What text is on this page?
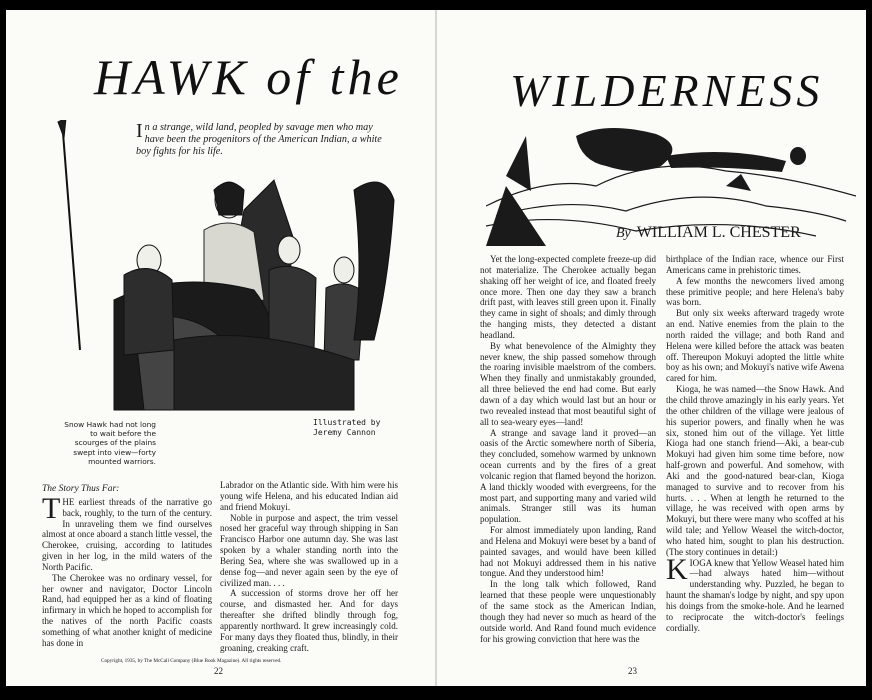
HAWK of the
In a strange, wild land, peopled by savage men who may have been the progenitors of the American Indian, a white boy fights for his life.
Snow Hawk had not long to wait before the scourges of the plains swept into view—forty mounted warriors.
Illustrated by Jeremy Cannon
The Story Thus Far:

THE earliest threads of the narrative go back, roughly, to the turn of the century. In unraveling them we find ourselves almost at once aboard a stanch little vessel, the Cherokee, cruising, according to latitudes given in her log, in the mild waters of the North Pacific.

The Cherokee was no ordinary vessel, for her owner and navigator, Doctor Lincoln Rand, had equipped her as a kind of floating infirmary in which he hoped to accomplish for the natives of the north Pacific coasts something of what another knight of medicine has done in

Labrador on the Atlantic side. With him were his young wife Helena, and his educated Indian aid and friend Mokuyi.

Noble in purpose and aspect, the trim vessel nosed her graceful way through shipping in San Francisco Harbor one autumn day. She was last spoken by a whaler standing north into the Bering Sea, where she was swallowed up in a dense fog—and never again seen by the eye of civilized man. . . .

A succession of storms drove her off her course, and dismasted her. And for days thereafter she drifted blindly through fog, apparently northward. It grew increasingly cold. For many days they floated thus, blindly, in their groaning, creaking craft.

Copyright, 1935, by The McCall Company (Blue Book Magazine). All rights reserved.
22
WILDERNESS
By WILLIAM L. CHESTER

Yet the long-expected complete freeze-up did not materialize. The Cherokee actually began shaking off her weight of ice, and floated freely once more. Then one day they saw a branch drift past, with leaves still green upon it. Finally they came in sight of shoals; and dimly through the hanging mists, they detected a distant headland.

By what benevolence of the Almighty they never knew, the ship passed somehow through the roaring invisible maelstrom of the combers. When they finally and unmistakably grounded, all three believed the end had come. But early dawn of a day which would last but an hour or two revealed instead that most beautiful sight of all to sea-weary eyes—land!

A strange and savage land it proved—an oasis of the Arctic somewhere north of Siberia, they concluded, somehow warmed by unknown ocean currents and by the fires of a great volcanic region that flamed beyond the horizon. A land thickly wooded with evergreens, for the most part, and supporting many and varied wild animals. Stranger still was its human population.

For almost immediately upon landing, Rand and Helena and Mokuyi were beset by a band of painted savages, and would have been killed had not Mokuyi addressed them in his native tongue. And they understood him!

In the long talk which followed, Rand learned that these people were unquestionably of the same stock as the American Indian, though they had never so much as heard of the outside world. And Rand found much evidence for his growing conviction that here was the

birthplace of the Indian race, whence our First Americans came in prehistoric times.

A few months the newcomers lived among these primitive people; and here Helena's baby was born.

But only six weeks afterward tragedy wrote an end. Native enemies from the plain to the north raided the village; and both Rand and Helena were killed before the attack was beaten off. Thereupon Mokuyi adopted the little white boy as his own; and Mokuyi's native wife Awena cared for him.

Kioga, he was named—the Snow Hawk. And the child throve amazingly in his early years. Yet the other children of the village were jealous of his superior powers, and finally when he was six, stoned him out of the village. Yet little Kioga had one stanch friend—Aki, a bear-cub Mokuyi had given him some time before, now half-grown and powerful. And somehow, with Aki and the good-natured bear-clan, Kioga managed to survive and to recover from his hurts. . . . When at length he returned to the village, he was received with open arms by Mokuyi, but there were many who scoffed at his wild tale; and Yellow Weasel the witch-doctor, who hated him, sought to plan his destruction. (The story continues in detail:)

KIOGA knew that Yellow Weasel hated him—had always hated him—without understanding why. Puzzled, he began to haunt the shaman's lodge by night, and spy upon his doings from the smoke-hole. And he learned to reciprocate the witch-doctor's feelings cordially.

23
